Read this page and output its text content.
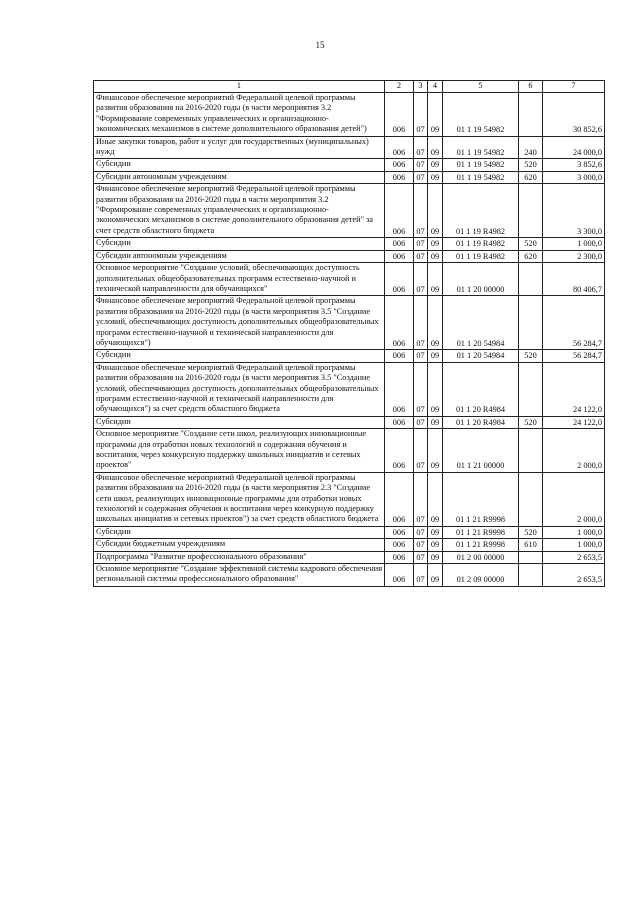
15
1	2	3	4	5	6	7
Финансовое обеспечение мероприятий Федеральной целевой программы развития образования на 2016-2020 годы (в части мероприятия 3.2 "Формирование современных управленческих и организационно-экономических механизмов в системе дополнительного образования детей")	006	07	09	01 1 19 54982		30 852,6
Иные закупки товаров, работ и услуг для государственных (муниципальных) нужд	006	07	09	01 1 19 54982	240	24 000,0
Субсидии	006	07	09	01 1 19 54982	520	3 852,6
Субсидии автономным учреждениям	006	07	09	01 1 19 54982	620	3 000,0
Финансовое обеспечение мероприятий Федеральной целевой программы развития образования на 2016-2020 годы в части мероприятия 3.2 "Формирование современных управленческих и организационно-экономических механизмов в системе дополнительного образования детей" за счет средств областного бюджета	006	07	09	01 1 19 R4982		3 300,0
Субсидии	006	07	09	01 1 19 R4982	520	1 000,0
Субсидии автономным учреждениям	006	07	09	01 1 19 R4982	620	2 300,0
Основное мероприятие "Создание условий, обеспечивающих доступность дополнительных общеобразовательных программ естественно-научной и технической направленности для обучающихся"	006	07	09	01 1 20 00000		80 406,7
Финансовое обеспечение мероприятий Федеральной целевой программы развития образования на 2016-2020 годы (в части мероприятия 3.5 "Создание условий, обеспечивающих доступность дополнительных общеобразовательных программ естественно-научной и технической направленности для обучающихся")	006	07	09	01 1 20 54984		56 284,7
Субсидии	006	07	09	01 1 20 54984	520	56 284,7
Финансовое обеспечение мероприятий Федеральной целевой программы развития образования на 2016-2020 годы (в части мероприятия 3.5 "Создание условий, обеспечивающих доступность дополнительных общеобразовательных программ естественно-научной и технической направленности для обучающихся") за счет средств областного бюджета	006	07	09	01 1 20 R4984		24 122,0
Субсидии	006	07	09	01 1 20 R4984	520	24 122,0
Основное мероприятие "Создание сети школ, реализующих инновационные программы для отработки новых технологий и содержания обучения и воспитания, через конкурсную поддержку школьных инициатив и сетевых проектов"	006	07	09	01 1 21 00000		2 000,0
Финансовое обеспечение мероприятий Федеральной целевой программы развития образования на 2016-2020 годы (в части мероприятия 2.3 "Создание сети школ, реализующих инновационные программы для отработки новых технологий и содержания обучения и воспитания через конкурную поддержку школьных инициатив и сетевых проектов") за счет средств областного бюджета	006	07	09	01 1 21 R9998		2 000,0
Субсидии	006	07	09	01 1 21 R9998	520	1 000,0
Субсидии бюджетным учреждениям	006	07	09	01 1 21 R9998	610	1 000,0
Подпрограмма "Развитие профессионального образования"	006	07	09	01 2 00 00000		2 653,5
Основное мероприятие "Создание эффективной системы кадрового обеспечения региональной системы профессионального образования"	006	07	09	01 2 09 00000		2 653,5
